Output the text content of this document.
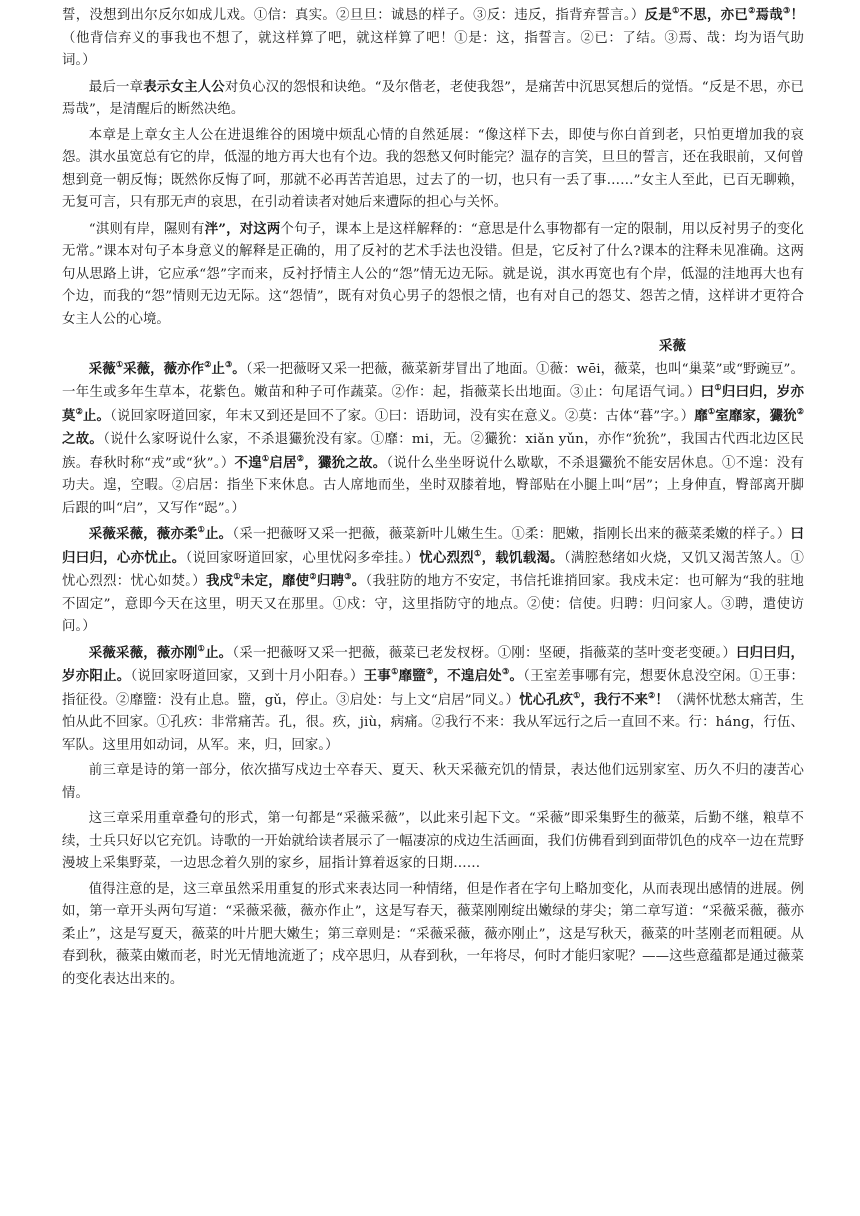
誓，没想到出尔反尔如成儿戏。①信：真实。②旦旦：诚恳的样子。③反：违反，指背弃誓言。）反是①不思，亦已②焉哉③！（他背信弃义的事我也不想了，就这样算了吧，就这样算了吧！①是：这，指誓言。②已：了结。③焉、哉：均为语气助词。）

最后一章表示女主人公对负心汉的怨恨和诀绝。“及尔偕老，老使我怨”，是痛苦中沉思冥想后的觉悟。“反是不思，亦已焉哉”，是清醒后的断然决绝。

本章是上章女主人公在进退维谷的困境中烦乱心情的自然延展：“像这样下去，即使与你白首到老，只怕更增加我的哀怨。淇水虽宽总有它的岸，低湿的地方再大也有个边。我的怨愁又何时能完？温存的言笑，旦旦的誓言，还在我眼前，又何曾想到竟一朝反悔；既然你反悔了呵，那就不必再苦苦追思，过去了的一切，也只有一丢了事……”女主人至此，已百无聊赖，无复可言，只有那无声的哀思，在引动着读者对她后来遭际的担心与关怀。

“淇则有岸，隰则有泮”，对这两个句子，课本上是这样解释的：“意思是什么事物都有一定的限制，用以反衬男子的变化无常。”课本对句子本身意义的解释是正确的，用了反衬的艺术手法也没错。但是，它反衬了什么?课本的注释未见准确。这两句从思路上讲，它应承“怨”字而来，反衬抒情主人公的“怨”情无边无际。就是说，淇水再宽也有个岸，低湿的洼地再大也有个边，而我的“怨”情则无边无际。这“怨情”，既有对负心男子的怨恨之情，也有对自己的怨艾、怨苦之情，这样讲才更符合女主人公的心境。

采薇

采薇①采薇，薇亦作②止③。（采一把薇呀又采一把薇，薇菜新芽冒出了地面。①薇：wēi，薇菜，也叫“巢菜”或“野豌豆”。一年生或多年生草本，花紫色。嫩苗和种子可作蔬菜。②作：起，指薇菜长出地面。③止：句尾语气词。）曰①归曰归，岁亦莫②止。（说回家呀道回家，年末又到还是回不了家。①曰：语助词，没有实在意义。②莫：古体“暮”字。）靡①室靡家，玁狁②之故。（说什么家呀说什么家，不杀退玁狁没有家。①靡：mi，无。②玁狁：xiǎn yǔn，亦作“狁狁”，我国古代西北边区民族。春秋时称“戎”或“狄”。）不遑①启居②，玁狁之故。（说什么坐坐呀说什么歇歇，不杀退玁狁不能安居休息。①不遑：没有功夫。遑，空暇。②启居：指坐下来休息。古人席地而坐，坐时双膝着地，臀部贴在小腿上叫“居”；上身伸直，臀部离开脚后跟的叫“启”，又写作“跽”。）

采薇采薇，薇亦柔①止。（采一把薇呀又采一把薇，薇菜新叶儿嫩生生。①柔：肥嫩，指刚长出来的薇菜柔嫩的样子。）曰归曰归，心亦忧止。（说回家呀道回家，心里忧闷多牵挂。）忧心烈烈①，载饥载渴。（满腔愁绪如火烧，又饥又渴苦煞人。①忧心烈烈：忧心如焚。）我戍①未定，靡使②归聘③。（我驻防的地方不安定，书信托谁捎回家。我戍未定：也可解为“我的驻地不固定”，意即今天在这里，明天又在那里。①戍：守，这里指防守的地点。②使：信使。归聘：归问家人。③聘，遣使访问。）

采薇采薇，薇亦刚①止。（采一把薇呀又采一把薇，薇菜已老发杈枒。①刚：坚硬，指薇菜的茎叶变老变硬。）曰归曰归，岁亦阳止。（说回家呀道回家，又到十月小阳春。）王事①靡盬②，不遑启处③。（王室差事哪有完，想要休息没空闲。①王事：指征役。②靡盬：没有止息。盬，gǔ，停止。③启处：与上文“启居”同义。）忧心孔疚①，我行不来②！（满怀忧愁太痛苦，生怕从此不回家。①孔疚：非常痛苦。孔，很。疚，jiù，病痛。②我行不来：我从军远行之后一直回不来。行：háng，行伍、军队。这里用如动词，从军。来，归，回家。）

前三章是诗的第一部分，依次描写戍边士卒春天、夏天、秋天采薇充饥的情景，表达他们远别家室、历久不归的凄苦心情。

这三章采用重章叠句的形式，第一句都是“采薇采薇”，以此来引起下文。“采薇”即采集野生的薇菜，后勤不继，粮草不续，士兵只好以它充饥。诗歌的一开始就给读者展示了一幅凄凉的戍边生活画面，我们仿佛看到到面带饥色的戍卒一边在荒野漫坡上采集野菜，一边思念着久别的家乡，屈指计算着返家的日期……

值得注意的是，这三章虽然采用重复的形式来表达同一种情绪，但是作者在字句上略加变化，从而表现出感情的进展。例如，第一章开头两句写道：“采薇采薇，薇亦作止”，这是写春天，薇菜刚刚绽出嫩绿的芽尖；第二章写道：“采薇采薇，薇亦柔止”，这是写夏天，薇菜的叶片肥大嫩生；第三章则是：“采薇采薇，薇亦刚止”，这是写秋天，薇菜的叶茎刚老而粗硬。从春到秋，薇菜由嫩而老，时光无情地流逝了；戍卒思归，从春到秋，一年将尽，何时才能归家呢？——这些意蕴都是通过薇菜的变化表达出来的。
